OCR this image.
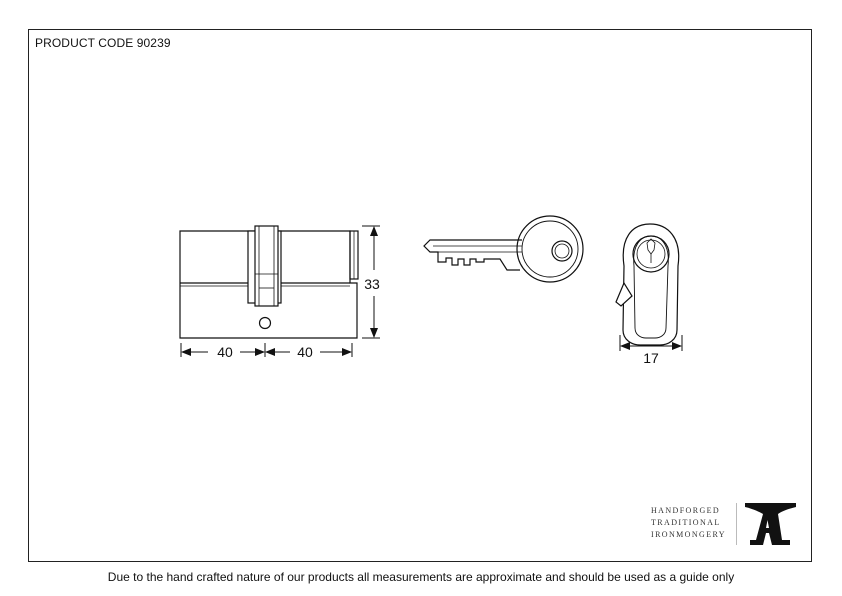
PRODUCT CODE 90239
40	40
33
17
HANDFORGED
TRADITIONAL
IRONMONGERY
Due to the hand crafted nature of our products all measurements are approximate and should be used as a guide only
